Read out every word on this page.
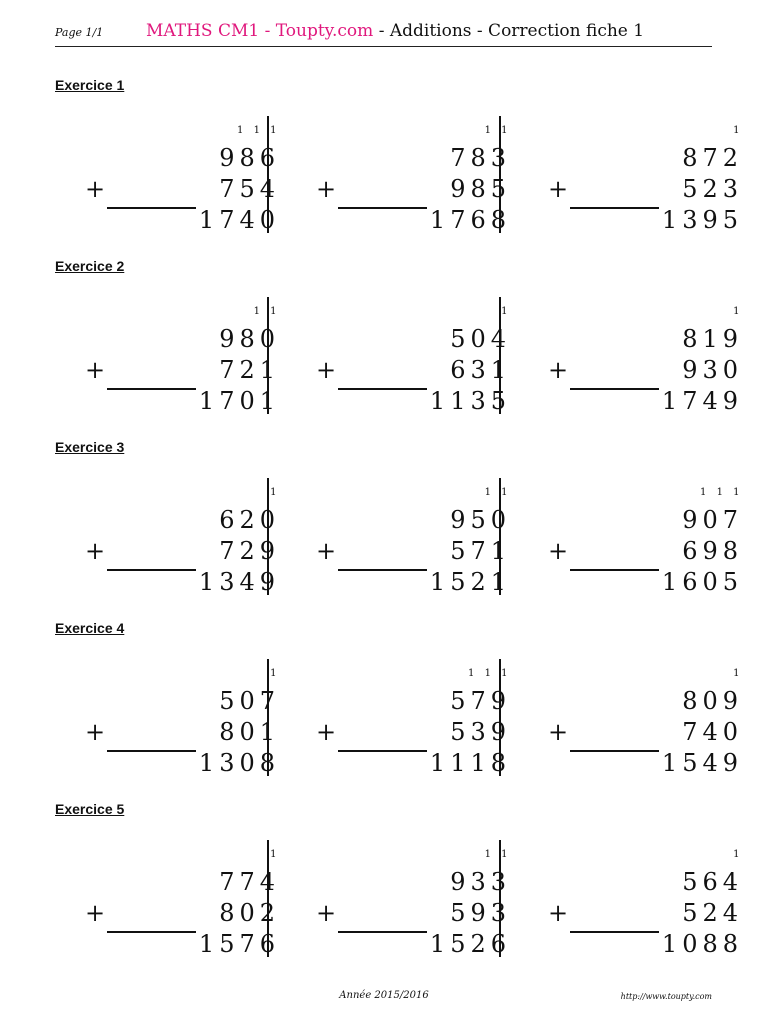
Page 1/1	MATHS CM1 - Toupty.com - Additions - Correction fiche 1
Exercice 1
1 1 1
986
+	754
1740
1 1
783
+	985
1768
1
872
+	523
1395
Exercice 2
1 1
980
+	721
1701
1
504
+	631
1135
1
819
+	930
1749
Exercice 3
1
620
+	729
1349
1 1
950
+	571
1521
1 1 1
907
+	698
1605
Exercice 4
1
507
+	801
1308
1 1 1
579
+	539
1118
1
809
+	740
1549
Exercice 5
1
774
+	802
1576
1 1
933
+	593
1526
1
564
+	524
1088
Année 2015/2016	http://www.toupty.com
